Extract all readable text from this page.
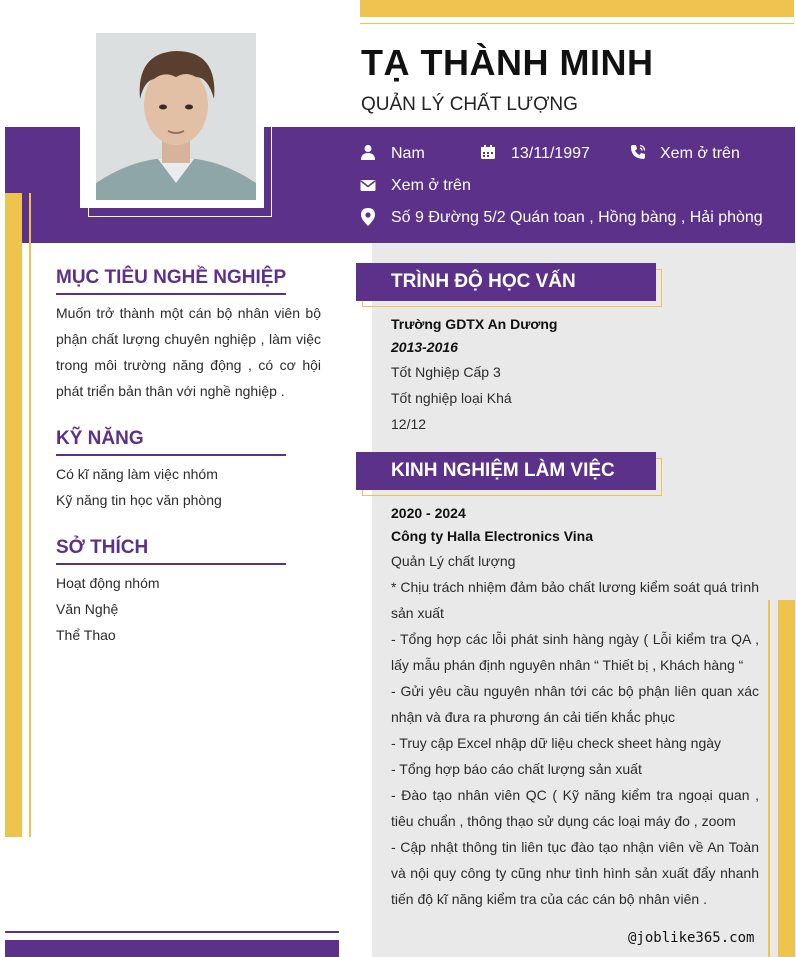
TẠ THÀNH MINH
QUẢN LÝ CHẤT LƯỢNG
Nam	13/11/1997	Xem ở trên
Xem ở trên
Số 9 Đường 5/2 Quán toan , Hồng bàng , Hải phòng
MỤC TIÊU NGHỀ NGHIỆP
Muốn trở thành một cán bộ nhân viên bộ phận chất lượng chuyên nghiệp , làm việc trong môi trường năng động , có cơ hội phát triển bản thân với nghề nghiệp .
KỸ NĂNG
Có kĩ năng làm việc nhóm
Kỹ năng tin học văn phòng
SỞ THÍCH
Hoạt động nhóm
Văn Nghệ
Thể Thao
TRÌNH ĐỘ HỌC VẤN
Trường GDTX An Dương
2013-2016
Tốt Nghiệp Cấp 3
Tốt nghiệp loại Khá
12/12
KINH NGHIỆM LÀM VIỆC
2020 - 2024
Công ty Halla Electronics Vina
Quản Lý chất lượng
* Chịu trách nhiệm đảm bảo chất lương kiểm soát quá trình sản xuất
- Tổng hợp các lỗi phát sinh hàng ngày ( Lỗi kiểm tra QA , lấy mẫu phán định nguyên nhân “ Thiết bị , Khách hàng “
- Gửi yêu cầu nguyên nhân tới các bộ phận liên quan xác nhận và đưa ra phương án cải tiến khắc phục
- Truy cập Excel nhập dữ liệu check sheet hàng ngày
- Tổng hợp báo cáo chất lượng sản xuất
- Đào tạo nhân viên QC ( Kỹ năng kiểm tra ngoại quan , tiêu chuẩn , thông thạo sử dụng các loại máy đo , zoom
- Cập nhật thông tin liên tục đào tạo nhận viên về An Toàn và nội quy công ty cũng như tình hình sản xuất đẩy nhanh tiến độ kĩ năng kiểm tra của các cán bộ nhân viên .
@joblike365.com
